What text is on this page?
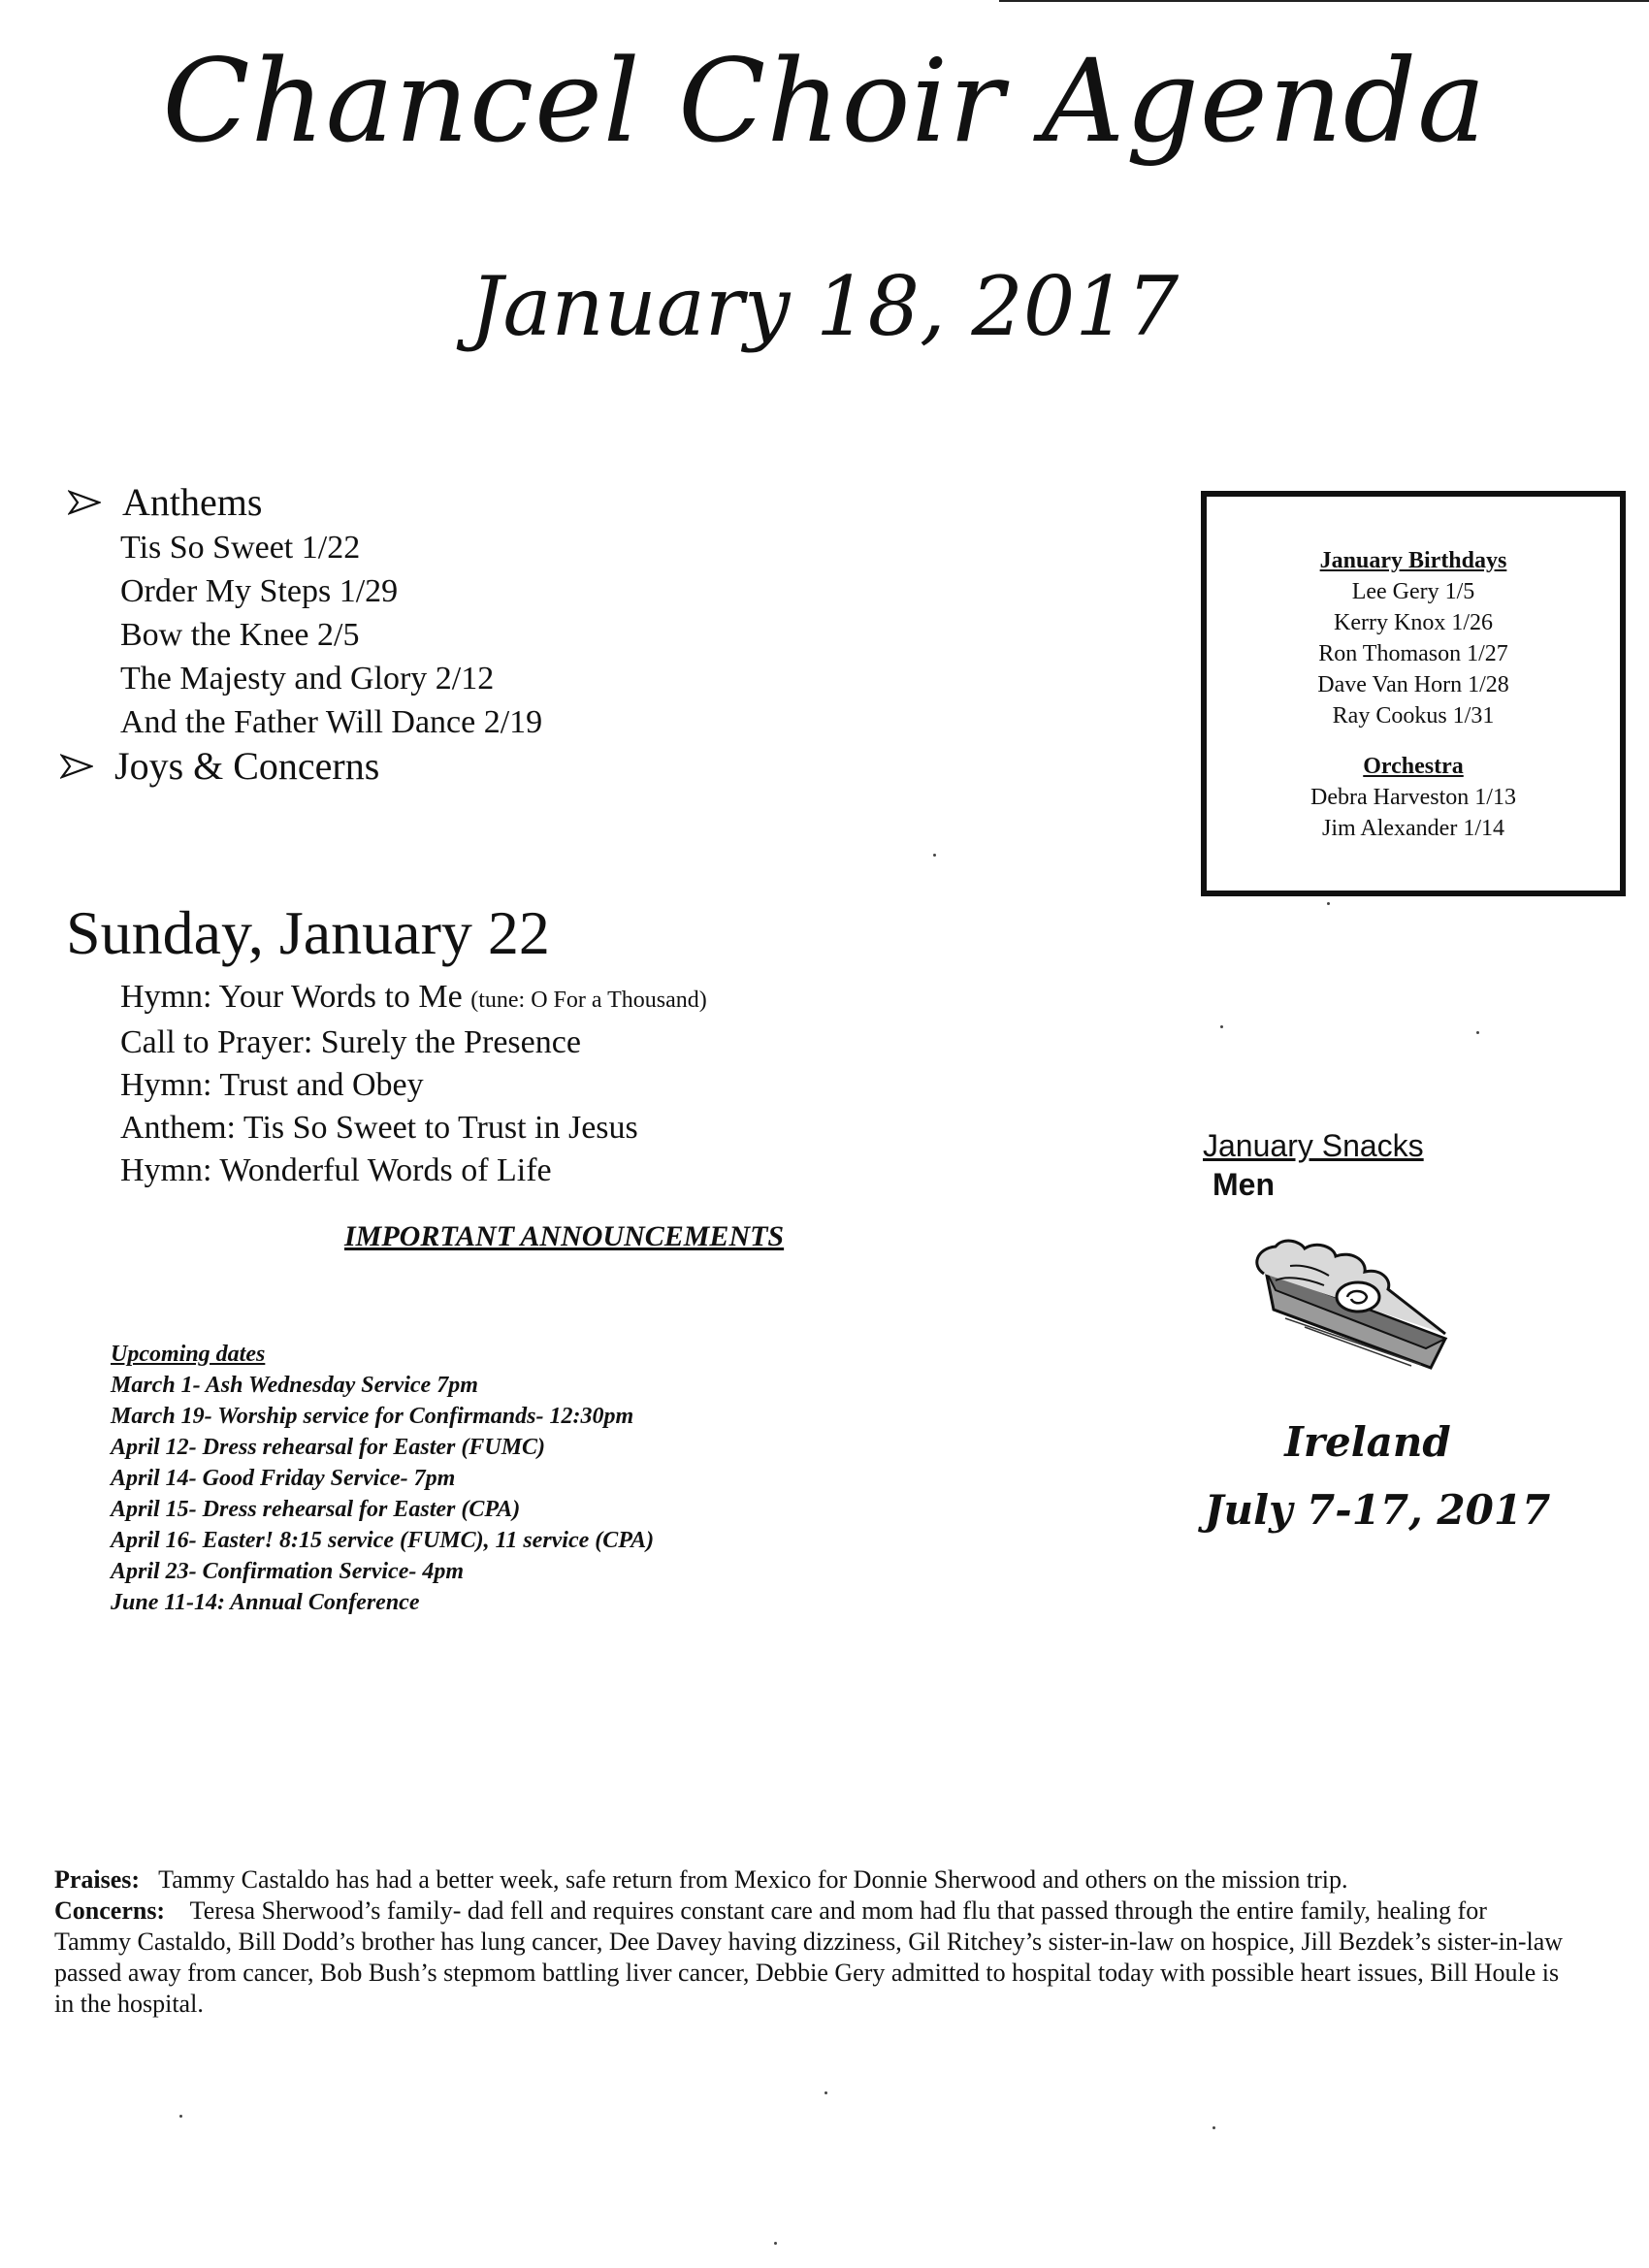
Chancel Choir Agenda
January 18, 2017
Anthems
Tis So Sweet 1/22
Order My Steps 1/29
Bow the Knee 2/5
The Majesty and Glory 2/12
And the Father Will Dance 2/19
Joys & Concerns
January Birthdays
Lee Gery 1/5
Kerry Knox 1/26
Ron Thomason 1/27
Dave Van Horn 1/28
Ray Cookus 1/31
Orchestra
Debra Harveston 1/13
Jim Alexander 1/14
Sunday, January 22
Hymn: Your Words to Me (tune: O For a Thousand)
Call to Prayer: Surely the Presence
Hymn: Trust and Obey
Anthem: Tis So Sweet to Trust in Jesus
Hymn: Wonderful Words of Life
IMPORTANT ANNOUNCEMENTS
Upcoming dates
March 1- Ash Wednesday Service 7pm
March 19- Worship service for Confirmands- 12:30pm
April 12- Dress rehearsal for Easter (FUMC)
April 14- Good Friday Service- 7pm
April 15- Dress rehearsal for Easter (CPA)
April 16- Easter! 8:15 service (FUMC), 11 service (CPA)
April 23- Confirmation Service- 4pm
June 11-14: Annual Conference
January Snacks
Men
Ireland
July 7-17, 2017
Praises: Tammy Castaldo has had a better week, safe return from Mexico for Donnie Sherwood and others on the mission trip.
Concerns: Teresa Sherwood’s family- dad fell and requires constant care and mom had flu that passed through the entire family, healing for Tammy Castaldo, Bill Dodd’s brother has lung cancer, Dee Davey having dizziness, Gil Ritchey’s sister-in-law on hospice, Jill Bezdek’s sister-in-law passed away from cancer, Bob Bush’s stepmom battling liver cancer, Debbie Gery admitted to hospital today with possible heart issues, Bill Houle is in the hospital.
